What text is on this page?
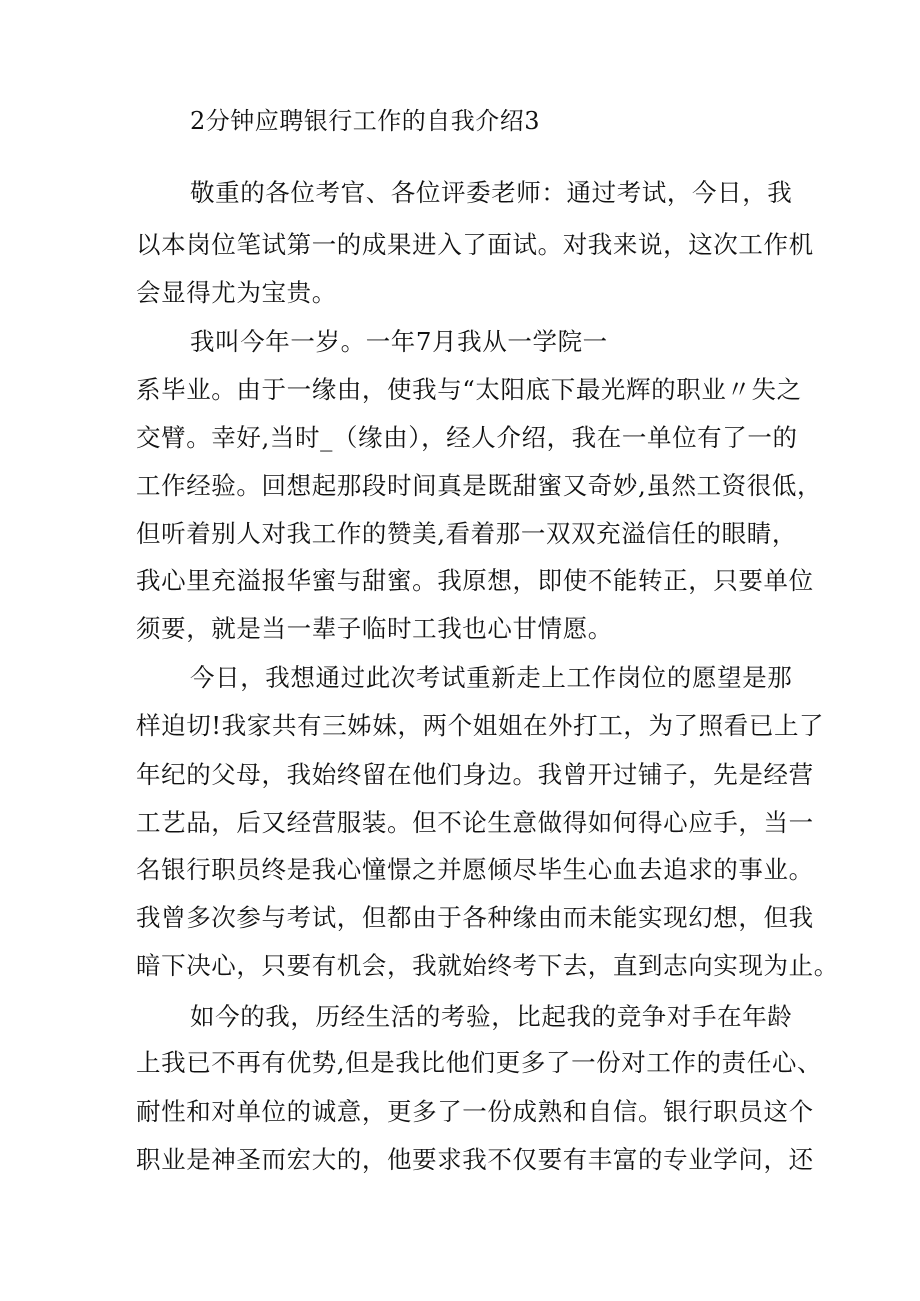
2分钟应聘银行工作的自我介绍3
敬重的各位考官、各位评委老师：通过考试，今日，我
以本岗位笔试第一的成果进入了面试。对我来说，这次工作机
会显得尤为宝贵。
我叫今年一岁。一年7月我从一学院一
系毕业。由于一缘由，使我与“太阳底下最光辉的职业〃失之
交臂。幸好,当时_（缘由），经人介绍，我在一单位有了一的
工作经验。回想起那段时间真是既甜蜜又奇妙,虽然工资很低，
但听着别人对我工作的赞美,看着那一双双充溢信任的眼睛，
我心里充溢报华蜜与甜蜜。我原想，即使不能转正，只要单位
须要，就是当一辈子临时工我也心甘情愿。
今日，我想通过此次考试重新走上工作岗位的愿望是那
样迫切!我家共有三姊妹，两个姐姐在外打工，为了照看已上了
年纪的父母，我始终留在他们身边。我曾开过铺子，先是经营
工艺品，后又经营服装。但不论生意做得如何得心应手，当一
名银行职员终是我心憧憬之并愿倾尽毕生心血去追求的事业。
我曾多次参与考试，但都由于各种缘由而未能实现幻想，但我
暗下决心，只要有机会，我就始终考下去，直到志向实现为止。
如今的我，历经生活的考验，比起我的竞争对手在年龄
上我已不再有优势,但是我比他们更多了一份对工作的责任心、
耐性和对单位的诚意，更多了一份成熟和自信。银行职员这个
职业是神圣而宏大的，他要求我不仅要有丰富的专业学问，还
